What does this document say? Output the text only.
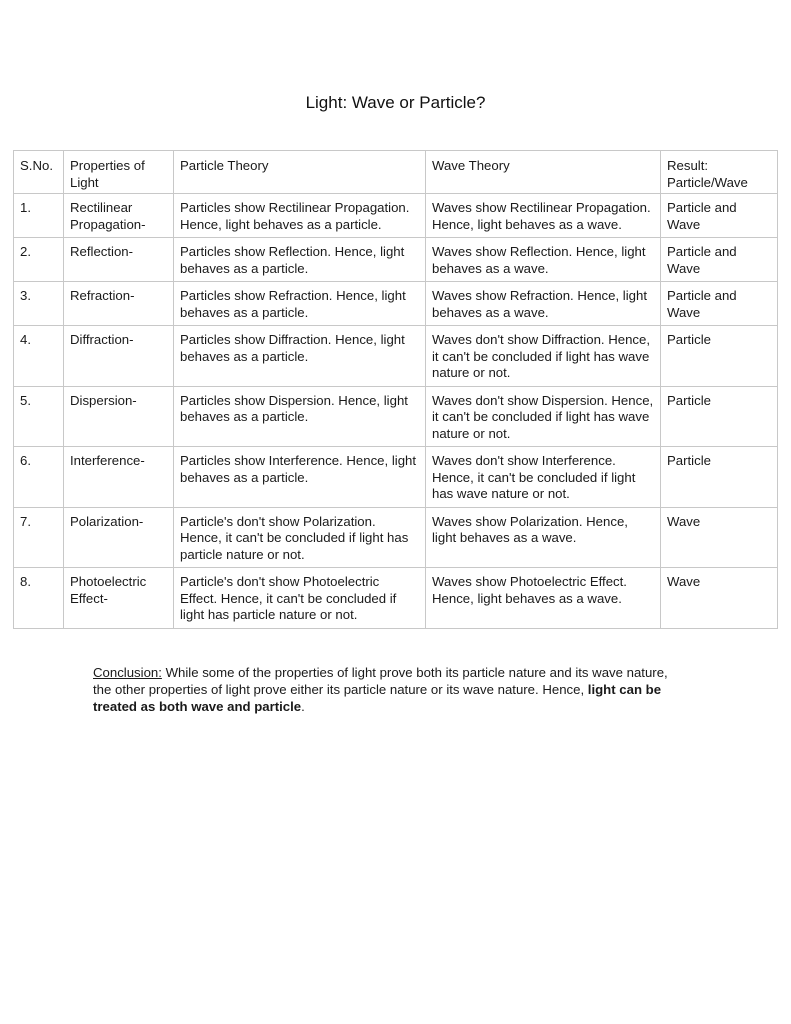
Light: Wave or Particle?
S.No.	Properties of Light	Particle Theory	Wave Theory	Result: Particle/Wave
1.	Rectilinear Propagation-	Particles show Rectilinear Propagation. Hence, light behaves as a particle.	Waves show Rectilinear Propagation. Hence, light behaves as a wave.	Particle and Wave
2.	Reflection-	Particles show Reflection. Hence, light behaves as a particle.	Waves show Reflection. Hence, light behaves as a wave.	Particle and Wave
3.	Refraction-	Particles show Refraction. Hence, light behaves as a particle.	Waves show Refraction. Hence, light behaves as a wave.	Particle and Wave
4.	Diffraction-	Particles show Diffraction. Hence, light behaves as a particle.	Waves don't show Diffraction. Hence, it can't be concluded if light has wave nature or not.	Particle
5.	Dispersion-	Particles show Dispersion. Hence, light behaves as a particle.	Waves don't show Dispersion. Hence, it can't be concluded if light has wave nature or not.	Particle
6.	Interference-	Particles show Interference. Hence, light behaves as a particle.	Waves don't show Interference. Hence, it can't be concluded if light has wave nature or not.	Particle
7.	Polarization-	Particle's don't show Polarization. Hence, it can't be concluded if light has particle nature or not.	Waves show Polarization. Hence, light behaves as a wave.	Wave
8.	Photoelectric Effect-	Particle's don't show Photoelectric Effect. Hence, it can't be concluded if light has particle nature or not.	Waves show Photoelectric Effect. Hence, light behaves as a wave.	Wave

Conclusion: While some of the properties of light prove both its particle nature and its wave nature, the other properties of light prove either its particle nature or its wave nature. Hence, light can be treated as both wave and particle.
